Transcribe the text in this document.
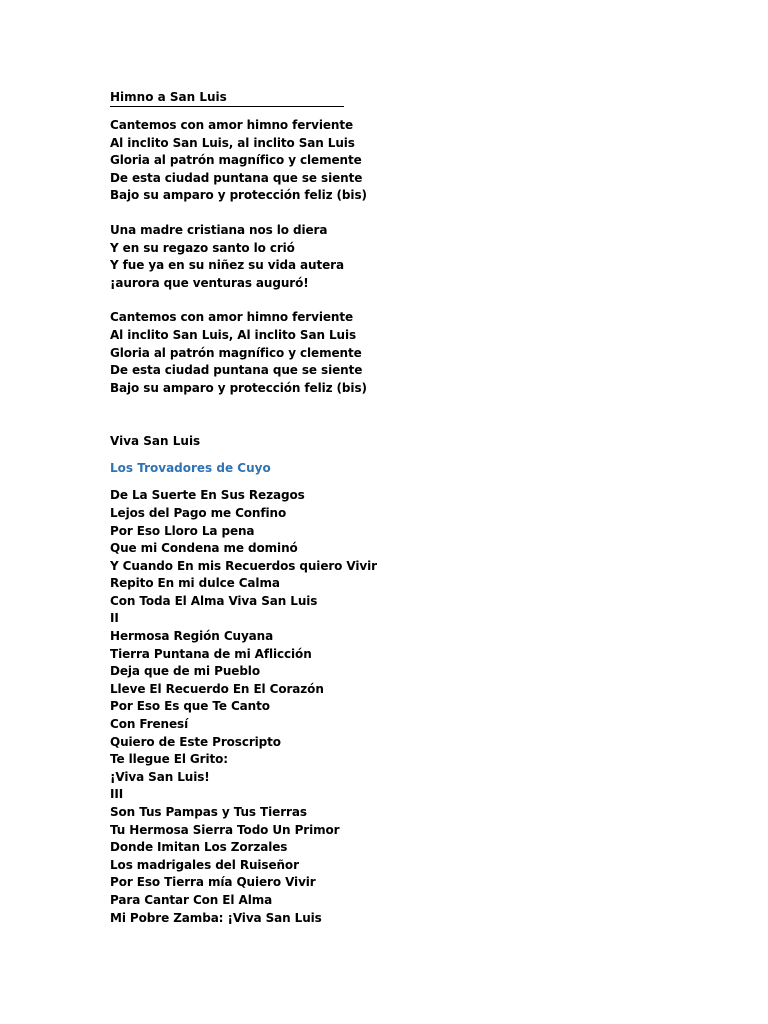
Himno a San Luis
Cantemos con amor himno ferviente
Al inclito San Luis, al inclito San Luis
Gloria al patrón magnífico y clemente
De esta ciudad puntana que se siente
Bajo su amparo y protección feliz (bis)
Una madre cristiana nos lo diera
Y en su regazo santo lo crió
Y fue ya en su niñez su vida autera
¡aurora que venturas auguró!
Cantemos con amor himno ferviente
Al inclito San Luis, Al inclito San Luis
Gloria al patrón magnífico y clemente
De esta ciudad puntana que se siente
Bajo su amparo y protección feliz (bis)
Viva San Luis
Los Trovadores de Cuyo
De La Suerte En Sus Rezagos
Lejos del Pago me Confino
Por Eso Lloro La pena
Que mi Condena me dominó
Y Cuando En mis Recuerdos quiero Vivir
Repito En mi dulce Calma
Con Toda El Alma Viva San Luis
II
Hermosa Región Cuyana
Tierra Puntana de mi Aflicción
Deja que de mi Pueblo
Lleve El Recuerdo En El Corazón
Por Eso Es que Te Canto
Con Frenesí
Quiero de Este Proscripto
Te llegue El Grito:
¡Viva San Luis!
III
Son Tus Pampas y Tus Tierras
Tu Hermosa Sierra Todo Un Primor
Donde Imitan Los Zorzales
Los madrigales del Ruiseñor
Por Eso Tierra mía Quiero Vivir
Para Cantar Con El Alma
Mi Pobre Zamba: ¡Viva San Luis
